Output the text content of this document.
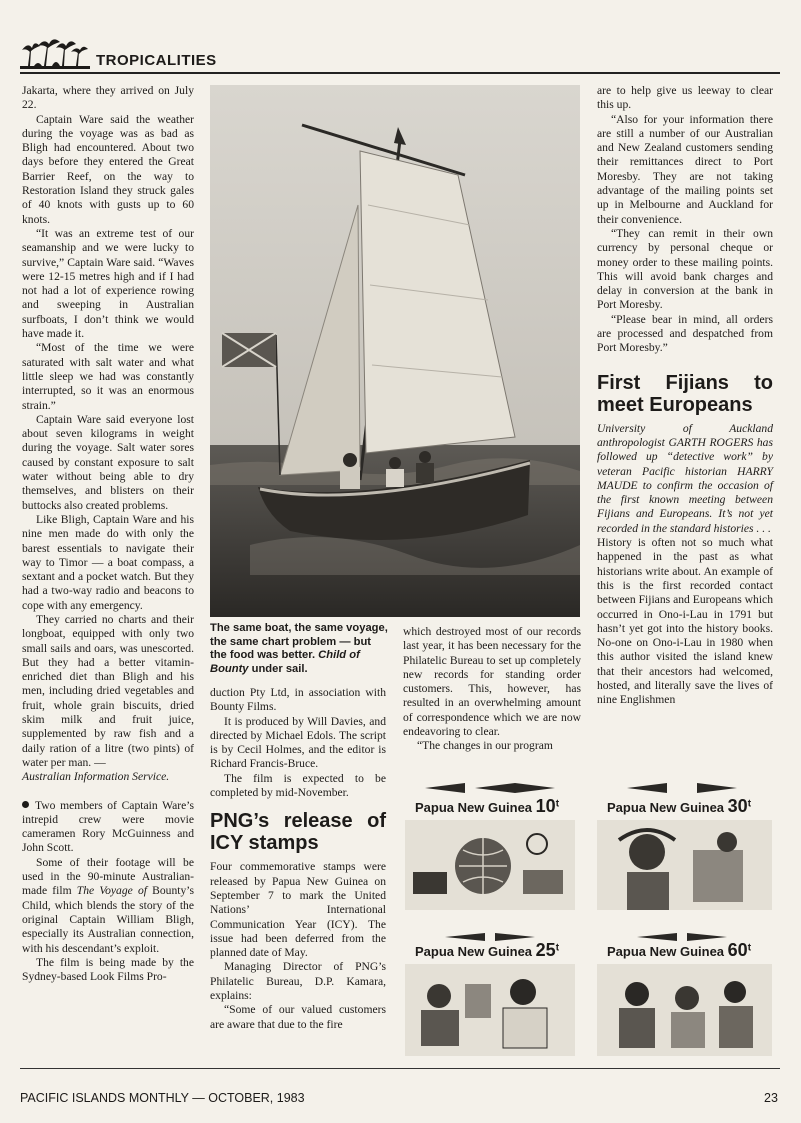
TROPICALITIES

Jakarta, where they arrived on July 22.

Captain Ware said the weather during the voyage was as bad as Bligh had encountered. About two days before they entered the Great Barrier Reef, on the way to Restoration Island they struck gales of 40 knots with gusts up to 60 knots.

“It was an extreme test of our seamanship and we were lucky to survive,” Captain Ware said. “Waves were 12-15 metres high and if I had not had a lot of experience rowing and sweeping in Australian surfboats, I don’t think we would have made it.

“Most of the time we were saturated with salt water and what little sleep we had was constantly interrupted, so it was an enormous strain.”

Captain Ware said everyone lost about seven kilograms in weight during the voyage. Salt water sores caused by constant exposure to salt water without being able to dry themselves, and blisters on their buttocks also created problems.

Like Bligh, Captain Ware and his nine men made do with only the barest essentials to navigate their way to Timor — a boat compass, a sextant and a pocket watch. But they had a two-way radio and beacons to cope with any emergency.

They carried no charts and their longboat, equipped with only two small sails and oars, was unescorted. But they had a better vitamin-enriched diet than Bligh and his men, including dried vegetables and fruit, whole grain biscuits, dried skim milk and fruit juice, supplemented by raw fish and a daily ration of a litre (two pints) of water per man. —

Australian Information Service.

Two members of Captain Ware’s intrepid crew were movie cameramen Rory McGuinness and John Scott.

Some of their footage will be used in the 90-minute Australian-made film The Voyage of Bounty’s Child, which blends the story of the original Captain William Bligh, especially its Australian connection, with his descendant’s exploit.

The film is being made by the Sydney-based Look Films Pro-

The same boat, the same voyage, the same chart problem — but the food was better. Child of Bounty under sail.

duction Pty Ltd, in association with Bounty Films.

It is produced by Will Davies, and directed by Michael Edols. The script is by Cecil Holmes, and the editor is Richard Francis-Bruce.

The film is expected to be completed by mid-November.

PNG’s release of ICY stamps

Four commemorative stamps were released by Papua New Guinea on September 7 to mark the United Nations’ International Communication Year (ICY). The issue had been deferred from the planned date of May.

Managing Director of PNG’s Philatelic Bureau, D.P. Kamara, explains:

“Some of our valued customers are aware that due to the fire

which destroyed most of our records last year, it has been necessary for the Philatelic Bureau to set up completely new records for standing order customers. This, however, has resulted in an overwhelming amount of correspondence which we are now endeavoring to clear.

“The changes in our program

are to help give us leeway to clear this up.

“Also for your information there are still a number of our Australian and New Zealand customers sending their remittances direct to Port Moresby. They are not taking advantage of the mailing points set up in Melbourne and Auckland for their convenience.

“They can remit in their own currency by personal cheque or money order to these mailing points. This will avoid bank charges and delay in conversion at the bank in Port Moresby.

“Please bear in mind, all orders are processed and despatched from Port Moresby.”

First Fijians to meet Europeans

University of Auckland anthropologist GARTH ROGERS has followed up “detective work” by veteran Pacific historian HARRY MAUDE to confirm the occasion of the first known meeting between Fijians and Europeans. It’s not yet recorded in the standard histories . . .

History is often not so much what happened in the past as what historians write about. An example of this is the first recorded contact between Fijians and Europeans which occurred in Ono-i-Lau in 1791 but hasn’t yet got into the history books. No-one on Ono-i-Lau in 1980 when this author visited the island knew that their ancestors had welcomed, hosted, and literally save the lives of nine Englishmen

Papua New Guinea 10$^t$	Papua New Guinea 30$^t$
Papua New Guinea 25$^t$	Papua New Guinea 60$^t$
PACIFIC ISLANDS MONTHLY — OCTOBER, 1983	23
